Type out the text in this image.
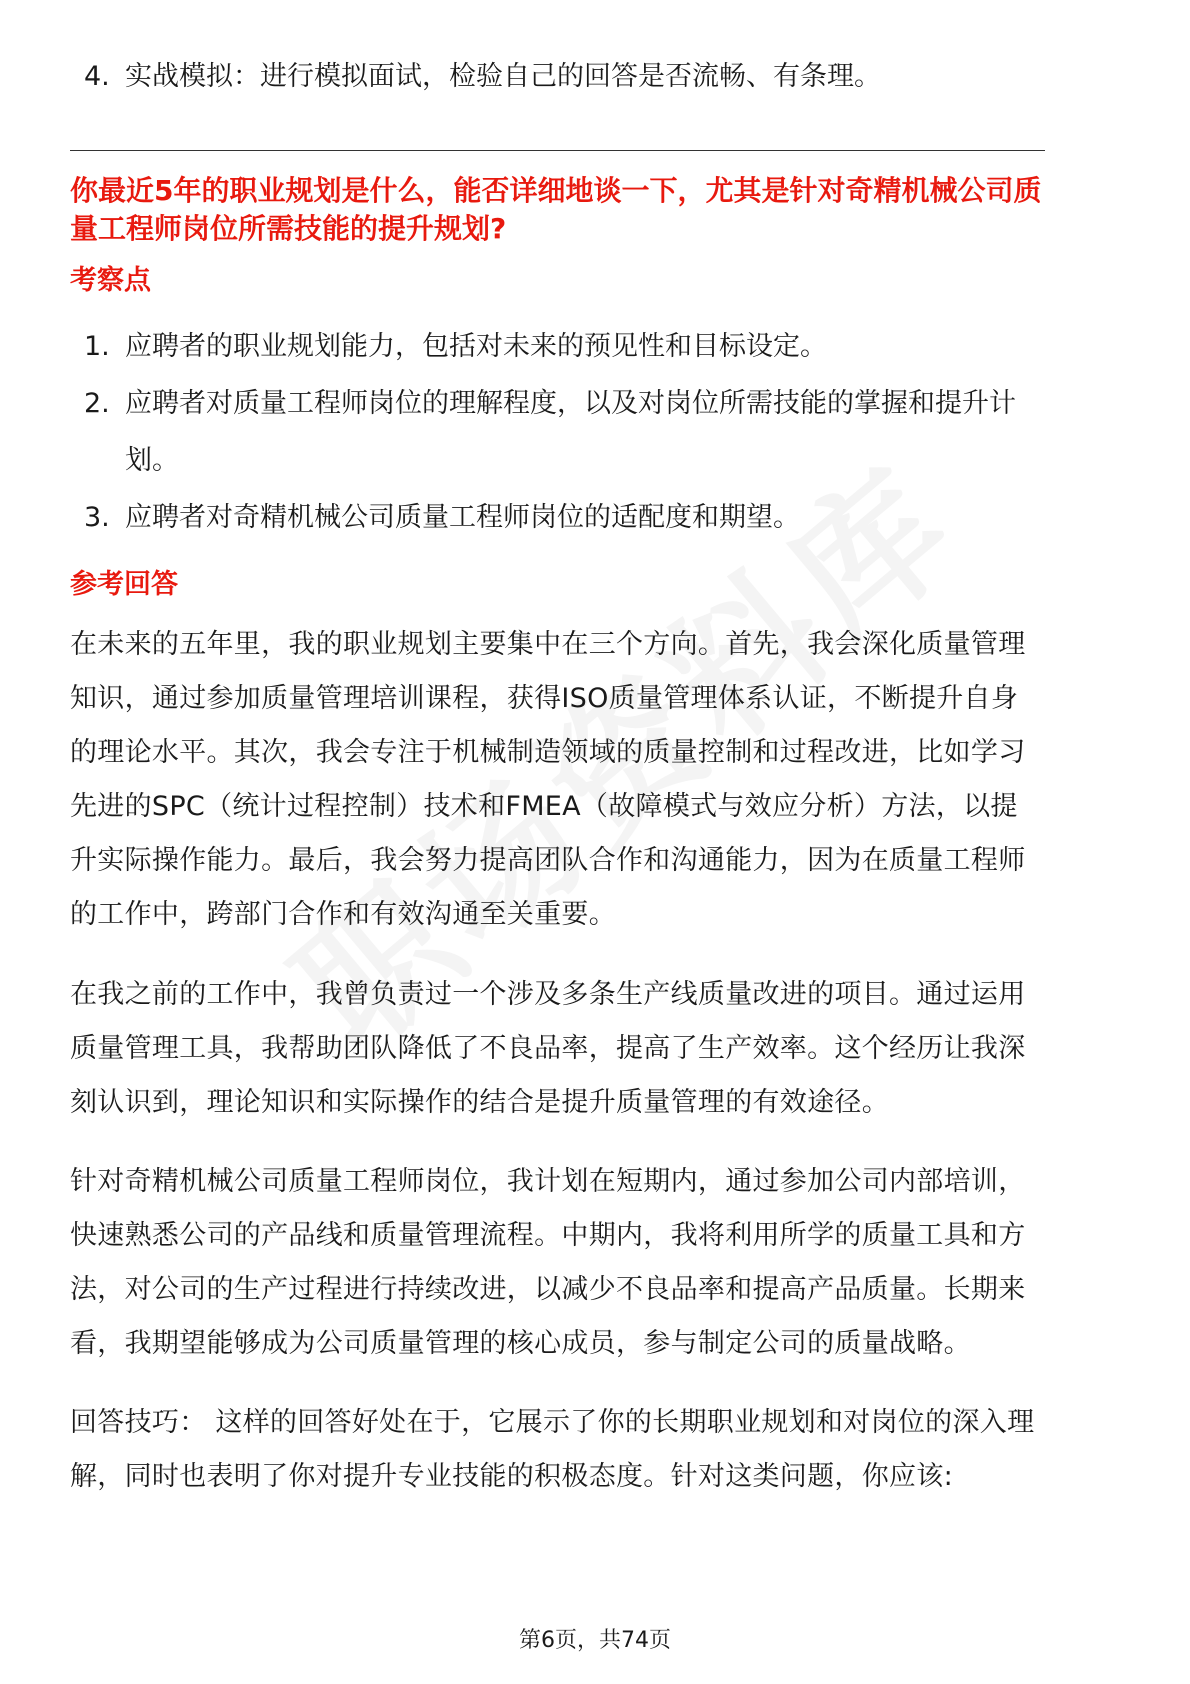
4. 实战模拟：进行模拟面试，检验自己的回答是否流畅、有条理。

你最近5年的职业规划是什么，能否详细地谈一下，尤其是针对奇精机械公司质量工程师岗位所需技能的提升规划?

考察点

1. 应聘者的职业规划能力，包括对未来的预见性和目标设定。
2. 应聘者对质量工程师岗位的理解程度，以及对岗位所需技能的掌握和提升计划。
3. 应聘者对奇精机械公司质量工程师岗位的适配度和期望。

参考回答

在未来的五年里，我的职业规划主要集中在三个方向。首先，我会深化质量管理知识，通过参加质量管理培训课程，获得ISO质量管理体系认证，不断提升自身的理论水平。其次，我会专注于机械制造领域的质量控制和过程改进，比如学习先进的SPC（统计过程控制）技术和FMEA（故障模式与效应分析）方法，以提升实际操作能力。最后，我会努力提高团队合作和沟通能力，因为在质量工程师的工作中，跨部门合作和有效沟通至关重要。

在我之前的工作中，我曾负责过一个涉及多条生产线质量改进的项目。通过运用质量管理工具，我帮助团队降低了不良品率，提高了生产效率。这个经历让我深刻认识到，理论知识和实际操作的结合是提升质量管理的有效途径。

针对奇精机械公司质量工程师岗位，我计划在短期内，通过参加公司内部培训，快速熟悉公司的产品线和质量管理流程。中期内，我将利用所学的质量工具和方法，对公司的生产过程进行持续改进，以减少不良品率和提高产品质量。长期来看，我期望能够成为公司质量管理的核心成员，参与制定公司的质量战略。

回答技巧： 这样的回答好处在于，它展示了你的长期职业规划和对岗位的深入理解，同时也表明了你对提升专业技能的积极态度。针对这类问题，你应该:

第6页，共74页
